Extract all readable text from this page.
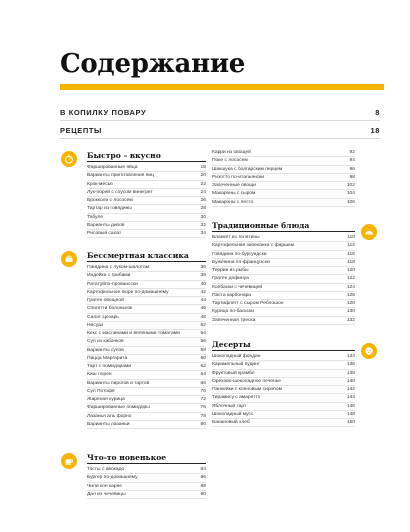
Содержание
В КОПИЛКУ ПОВАРУ	8
РЕЦЕПТЫ	18
Быстро – вкусно
Фаршированные яйца	18
Варианты приготовления яиц	20
Крок-месье	22
Лук-порей с соусом винегрет	24
Брокколи с лососем	26
Тартар из говядины	28
Табуле	30
Варианты дипов	32
Рисовый салат	34
Бессмертная классика
Говядина с луком-шалотом	36
Индейка с грибами	38
Рататуйпо-провансски	40
Картофельное пюре по-домашнему	42
Гратен овощной	44
Спагетти болоньезе	46
Салат Цезарь	48
Нисуаз	52
Кекс с маслинами и вялеными томатами	54
Суп из кабачков	56
Варианты супов	58
Пицца Маргарита	60
Тарт с помидорами	62
Киш лорен	64
Варианты пирогов и тартов	66
Суп Потофё	70
Жареная курица	72
Фаршированные помидоры	76
Лазанья аль форно	78
Варианты лазаньи	80
Что-то новенькое
Тосты с авокадо	84
Бургер по-домашнему	86
Чили кон карне	88
Дал из чечевицы	90
Карри из овощей	92
Поке с лососем	94
Шакшука с болгарским перцем	96
Ризотто по-итальянски	98
Запеченные овощи	102
Макароны с сыром	104
Макароны с песто	106
Традиционные блюда
Бланкет из телятины	110
Картофельная запеканка с фаршем	112
Говядина по-бургундски	116
Буженина по-французски	118
Террин из рыбы	120
Гратен дофинуа	122
Колбаски с чечевицей	124
Паста карбонара	126
Тартифлетт с сыром Реблошон	128
Курица по-баскски	130
Запеченная треска	132
Десерты
Шоколадный фондан	134
Карамельный пудинг	136
Фруктовый крамбл	138
Орехово-шоколадное печенье	140
Панкейки с кленовым сиропом	142
Тирамису с амаретто	144
Яблочный тарт	146
Шоколадный мусс	148
Банановый хлеб	150
